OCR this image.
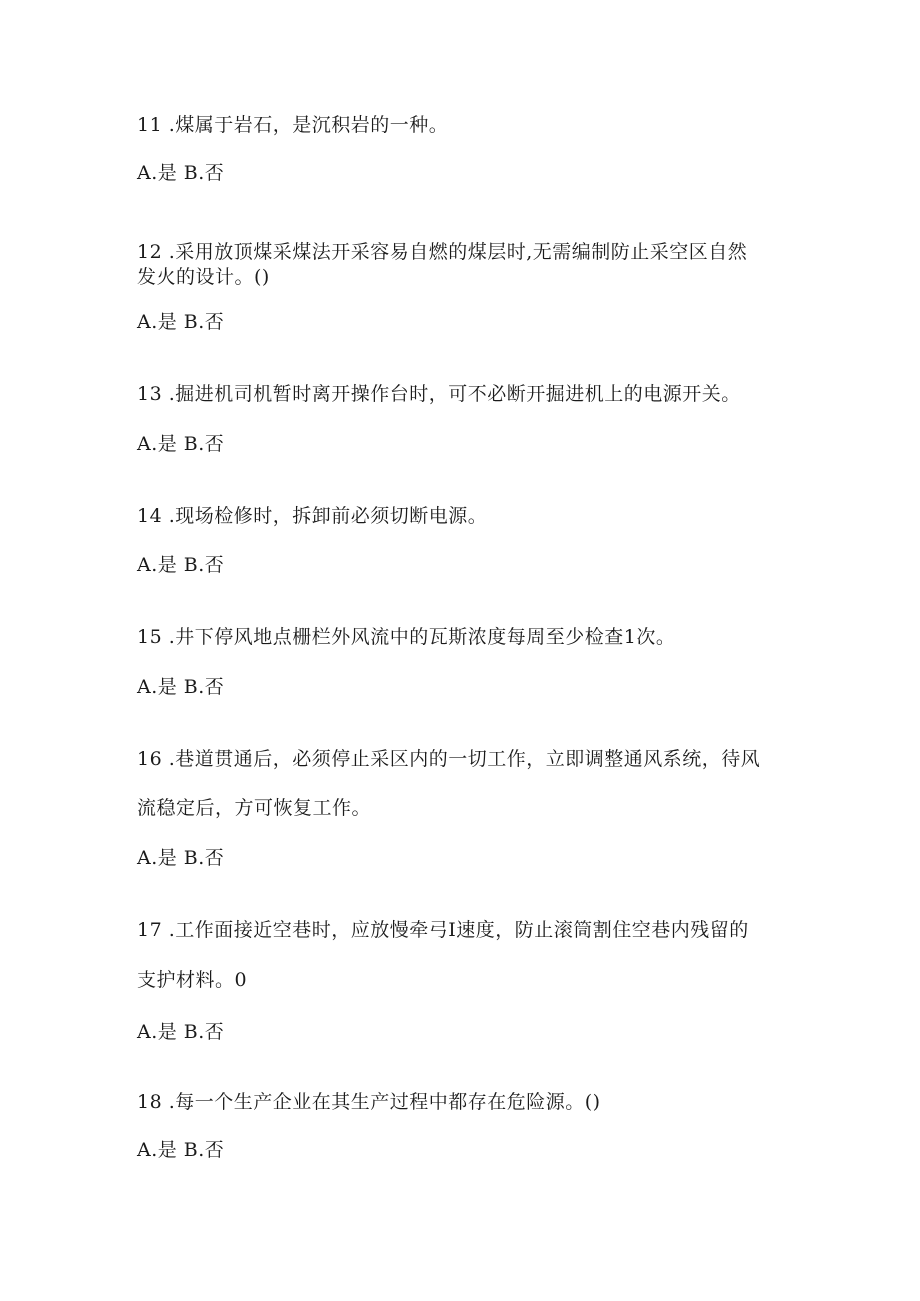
11 .煤属于岩石，是沉积岩的一种。
A.是 B.否
12 .采用放顶煤采煤法开采容易自燃的煤层时,无需编制防止采空区自然
发火的设计。()
A.是 B.否
13 .掘进机司机暂时离开操作台时，可不必断开掘进机上的电源开关。
A.是 B.否
14 .现场检修时，拆卸前必须切断电源。
A.是 B.否
15 .井下停风地点栅栏外风流中的瓦斯浓度每周至少检查1次。
A.是 B.否
16 .巷道贯通后，必须停止采区内的一切工作，立即调整通风系统，待风
流稳定后，方可恢复工作。
A.是 B.否
17 .工作面接近空巷时，应放慢牵弓I速度，防止滚筒割住空巷内残留的
支护材料。0
A.是 B.否
18 .每一个生产企业在其生产过程中都存在危险源。()
A.是 B.否
